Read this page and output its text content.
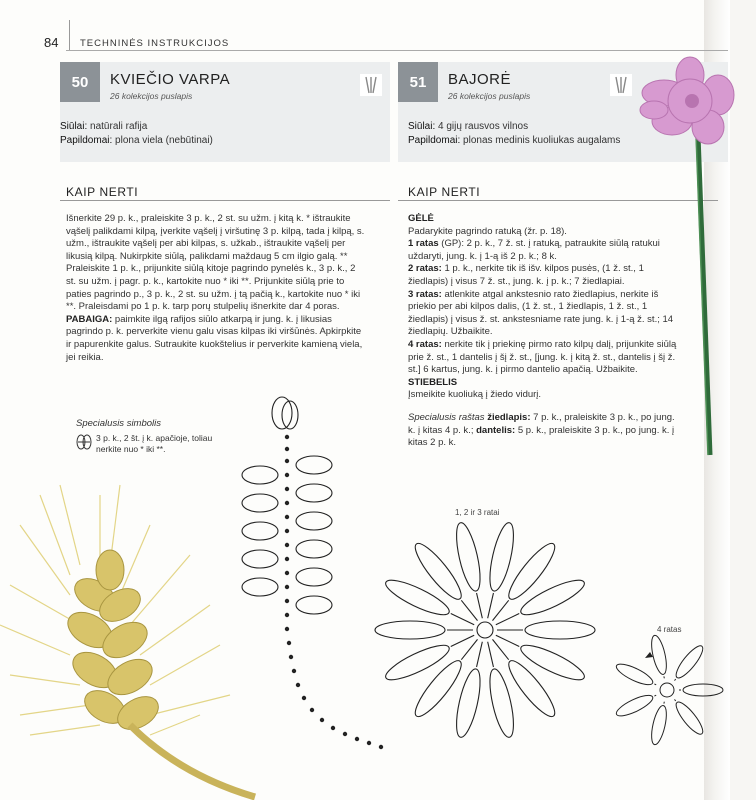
84 TECHNINĖS INSTRUKCIJOS
50	KVIEČIO VARPA
26 kolekcijos puslapis
Siūlai: natūrali rafija
Papildomai: plona viela (nebūtinai)
51	BAJORĖ
26 kolekcijos puslapis
Siūlai: 4 gijų rausvos vilnos
Papildomai: plonas medinis kuoliukas augalams
KAIP NERTI	KAIP NERTI

Išnerkite 29 p. k., praleiskite 3 p. k., 2 st. su užm. į kitą k. * ištraukite vąšelį palikdami kilpą, įverkite vąšelį į viršutinę 3 p. kilpą, tada į kilpą, s. užm., ištraukite vąšelį per abi kilpas, s. užkab., ištraukite vąšelį per likusią kilpą. Nukirpkite siūlą, palikdami maždaug 5 cm ilgio galą. ** Praleiskite 1 p. k., prijunkite siūlą kitoje pagrindo pynelės k., 3 p. k., 2 st. su užm. į pagr. p. k., kartokite nuo * iki **. Prijunkite siūlą prie to paties pagrindo p., 3 p. k., 2 st. su užm. į tą pačią k., kartokite nuo * iki **. Praleisdami po 1 p. k. tarp porų stulpelių išnerkite dar 4 poras.

PABAIGA: paimkite ilgą rafijos siūlo atkarpą ir jung. k. į likusias pagrindo p. k. perverkite vienu galu visas kilpas iki viršūnės. Apkirpkite ir papurenkite galus. Sutraukite kuokštelius ir perverkite kamieną viela, jei reikia.

Specialusis simbolis
3 p. k., 2 št. į k. apačioje, toliau nerkite nuo * iki **.

GĖLĖ

Padarykite pagrindo ratuką (žr. p. 18).

1 ratas (GP): 2 p. k., 7 ž. st. į ratuką, patraukite siūlą ratukui uždaryti, jung. k. į 1-ą iš 2 p. k.; 8 k.

2 ratas: 1 p. k., nerkite tik iš išv. kilpos pusės, (1 ž. st., 1 žiedlapis) į visus 7 ž. st., jung. k. į p. k.; 7 žiedlapiai.

3 ratas: atlenkite atgal ankstesnio rato žiedlapius, nerkite iš priekio per abi kilpos dalis, (1 ž. st., 1 žiedlapis, 1 ž. st., 1 žiedlapis) į visus ž. st. ankstesniame rate jung. k. į 1-ą ž. st.; 14 žiedlapių. Užbaikite.

4 ratas: nerkite tik į priekinę pirmo rato kilpų dalį, prijunkite siūlą prie ž. st., 1 dantelis į šį ž. st., [jung. k. į kitą ž. st., dantelis į šį ž. st.] 6 kartus, jung. k. į pirmo dantelio apačią. Užbaikite.

STIEBELIS

Įsmeikite kuoliuką į žiedo vidurį.

Specialusis raštas žiedlapis: 7 p. k., praleiskite 3 p. k., po jung. k. į kitas 4 p. k.; dantelis: 5 p. k., praleiskite 3 p. k., po jung. k. į kitas 2 p. k.

1, 2 ir 3 ratai
4 ratas
